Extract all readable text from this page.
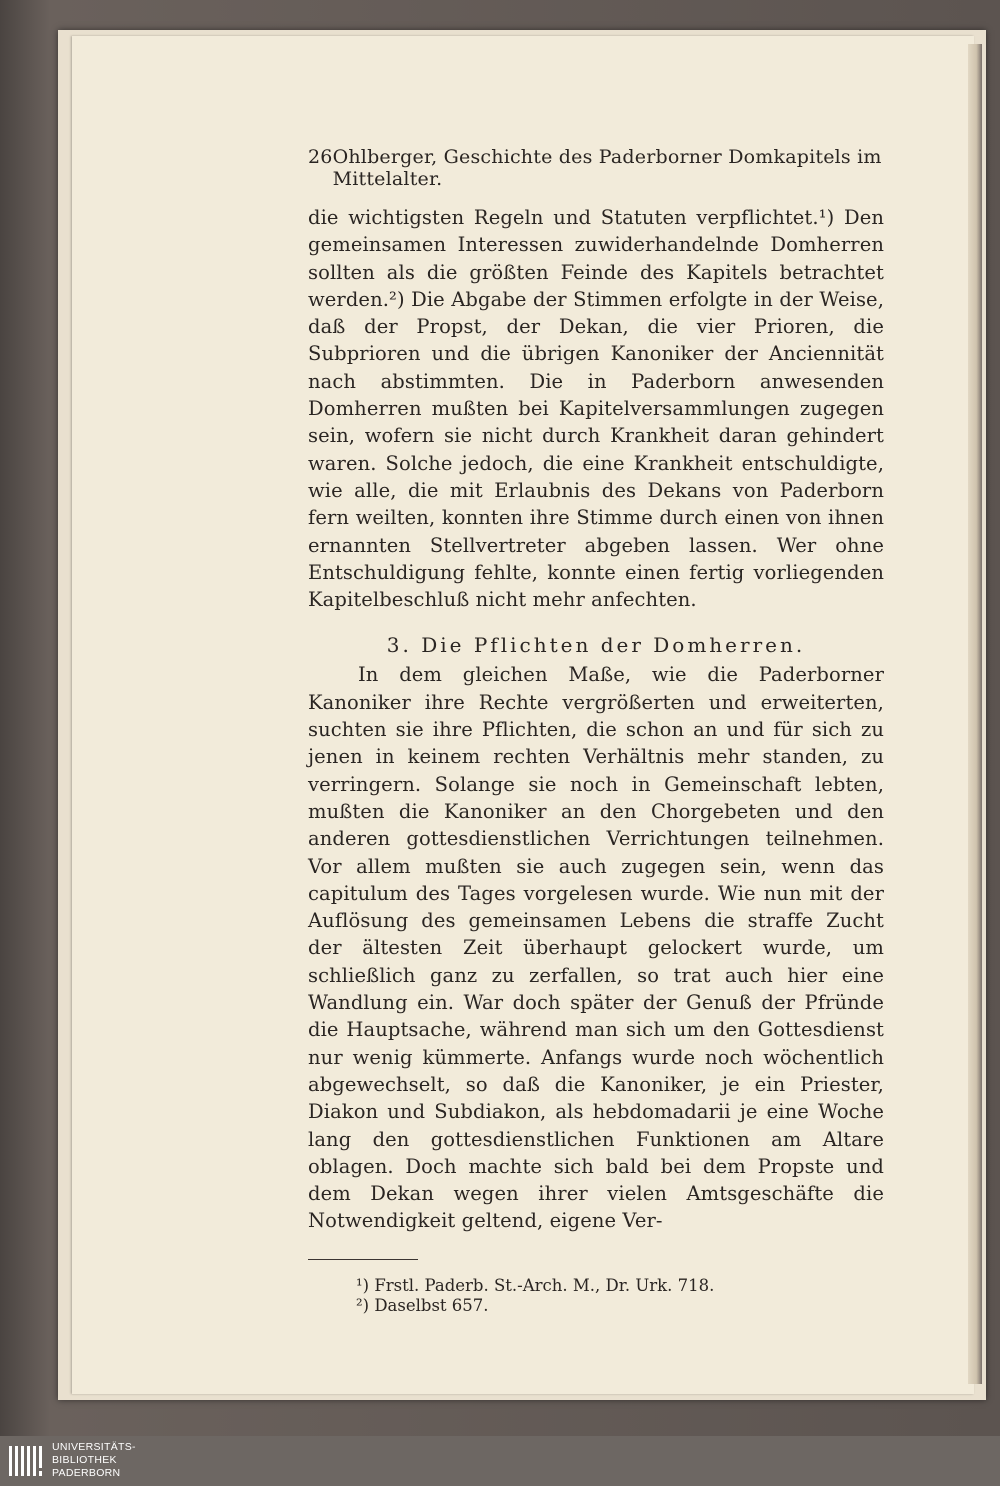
26 Ohlberger, Geschichte des Paderborner Domkapitels im Mittelalter.

die wichtigsten Regeln und Statuten verpflichtet.¹) Den gemeinsamen Interessen zuwiderhandelnde Domherren sollten als die größten Feinde des Kapitels betrachtet werden.²) Die Abgabe der Stimmen erfolgte in der Weise, daß der Propst, der Dekan, die vier Prioren, die Subprioren und die übrigen Kanoniker der Anciennität nach abstimmten. Die in Paderborn anwesenden Domherren mußten bei Kapitelversammlungen zugegen sein, wofern sie nicht durch Krankheit daran gehindert waren. Solche jedoch, die eine Krankheit entschuldigte, wie alle, die mit Erlaubnis des Dekans von Paderborn fern weilten, konnten ihre Stimme durch einen von ihnen ernannten Stellvertreter abgeben lassen. Wer ohne Entschuldigung fehlte, konnte einen fertig vorliegenden Kapitelbeschluß nicht mehr anfechten.

3. Die Pflichten der Domherren.

In dem gleichen Maße, wie die Paderborner Kanoniker ihre Rechte vergrößerten und erweiterten, suchten sie ihre Pflichten, die schon an und für sich zu jenen in keinem rechten Verhältnis mehr standen, zu verringern. Solange sie noch in Gemeinschaft lebten, mußten die Kanoniker an den Chorgebeten und den anderen gottesdienstlichen Verrichtungen teilnehmen. Vor allem mußten sie auch zugegen sein, wenn das capitulum des Tages vorgelesen wurde. Wie nun mit der Auflösung des gemeinsamen Lebens die straffe Zucht der ältesten Zeit überhaupt gelockert wurde, um schließlich ganz zu zerfallen, so trat auch hier eine Wandlung ein. War doch später der Genuß der Pfründe die Hauptsache, während man sich um den Gottesdienst nur wenig kümmerte. Anfangs wurde noch wöchentlich abgewechselt, so daß die Kanoniker, je ein Priester, Diakon und Subdiakon, als hebdomadarii je eine Woche lang den gottesdienstlichen Funktionen am Altare oblagen. Doch machte sich bald bei dem Propste und dem Dekan wegen ihrer vielen Amtsgeschäfte die Notwendigkeit geltend, eigene Ver-

¹) Frstl. Paderb. St.-Arch. M., Dr. Urk. 718.

²) Daselbst 657.

UNIVERSITÄTS-
BIBLIOTHEK
PADERBORN
